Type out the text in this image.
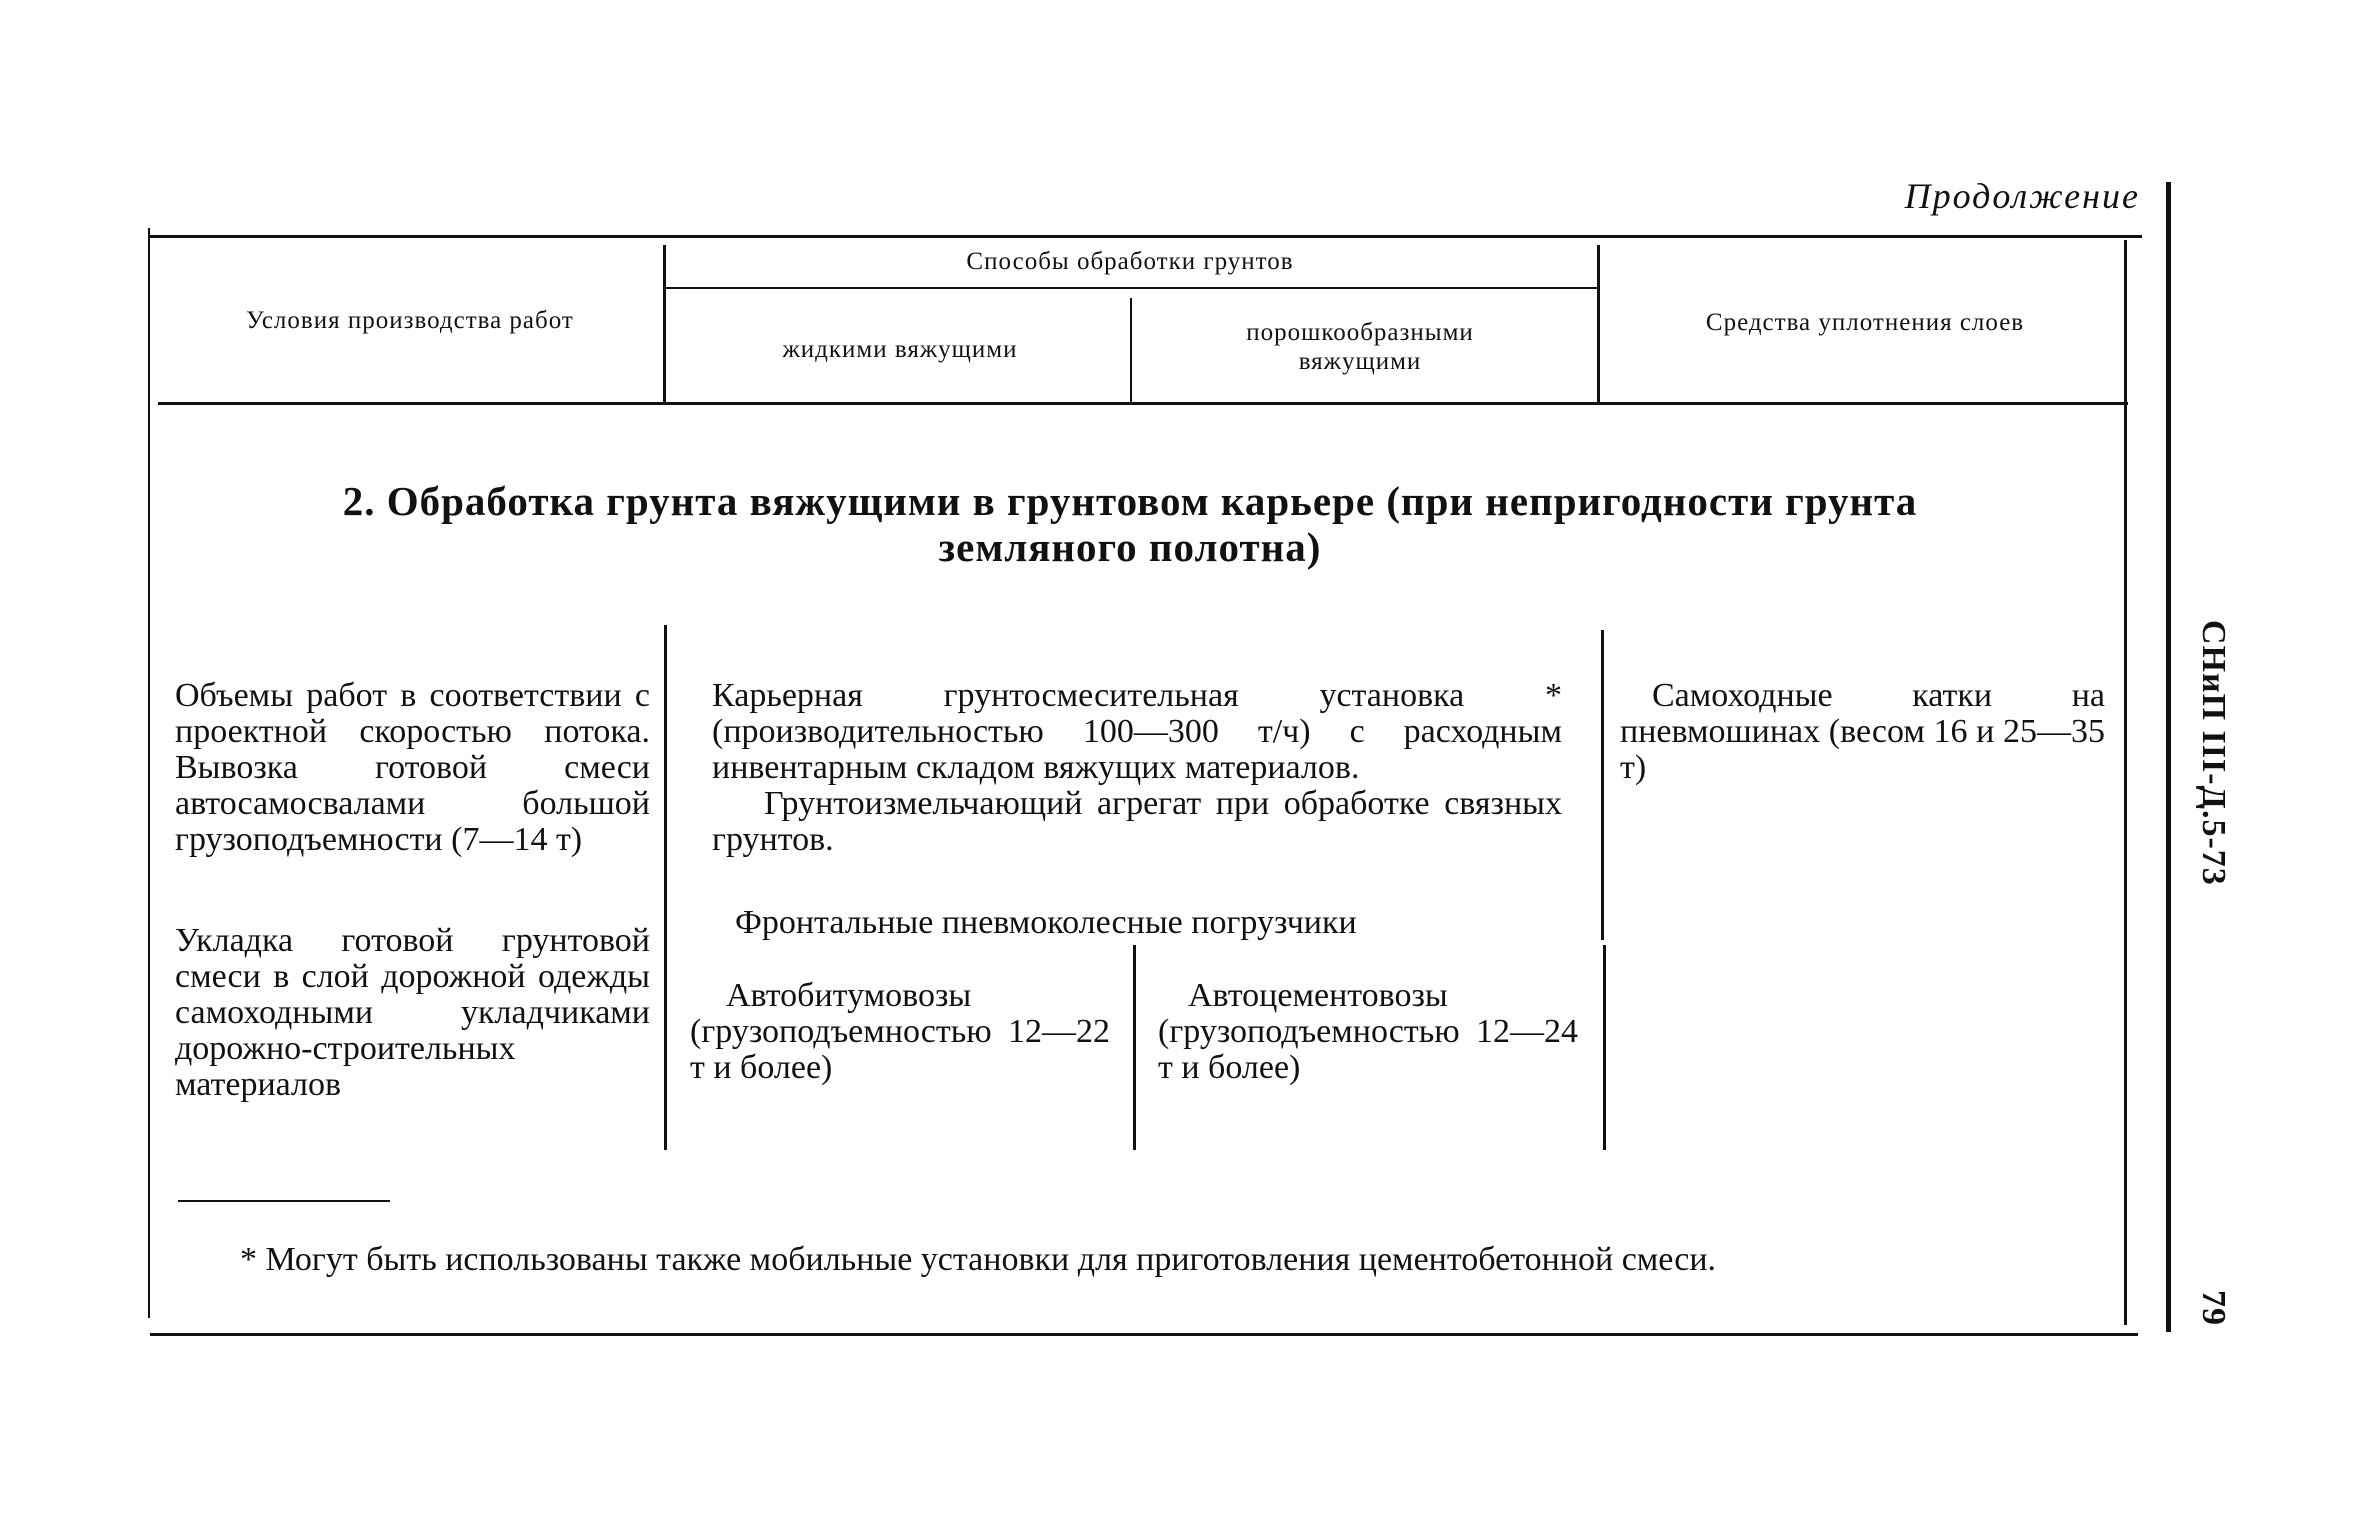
Продолжение
Условия производства работ
Способы обработки грунтов
жидкими вяжущими
порошкообразными вяжущими
Средства уплотнения слоев
2. Обработка грунта вяжущими в грунтовом карьере (при непригодности грунта земляного полотна)

Объемы работ в соответствии с проектной скоростью потока. Вывозка готовой смеси автосамосвалами большой грузоподъемности (7—14 т)

Укладка готовой грунтовой смеси в слой дорожной одежды самоходными укладчиками дорожно-строительных материалов

Карьерная грунтосмесительная установка * (производительностью 100—300 т/ч) с расходным инвентарным складом вяжущих материалов.

Грунтоизмельчающий агрегат при обработке связных грунтов.

Фронтальные пневмоколесные погрузчики

Автобитумовозы (грузоподъемностью 12—22 т и более)

Автоцементовозы (грузоподъемностью 12—24 т и более)

Самоходные катки на пневмошинах (весом 16 и 25—35 т)

* Могут быть использованы также мобильные установки для приготовления цементобетонной смеси.
СНиП III-Д.5-73
79
